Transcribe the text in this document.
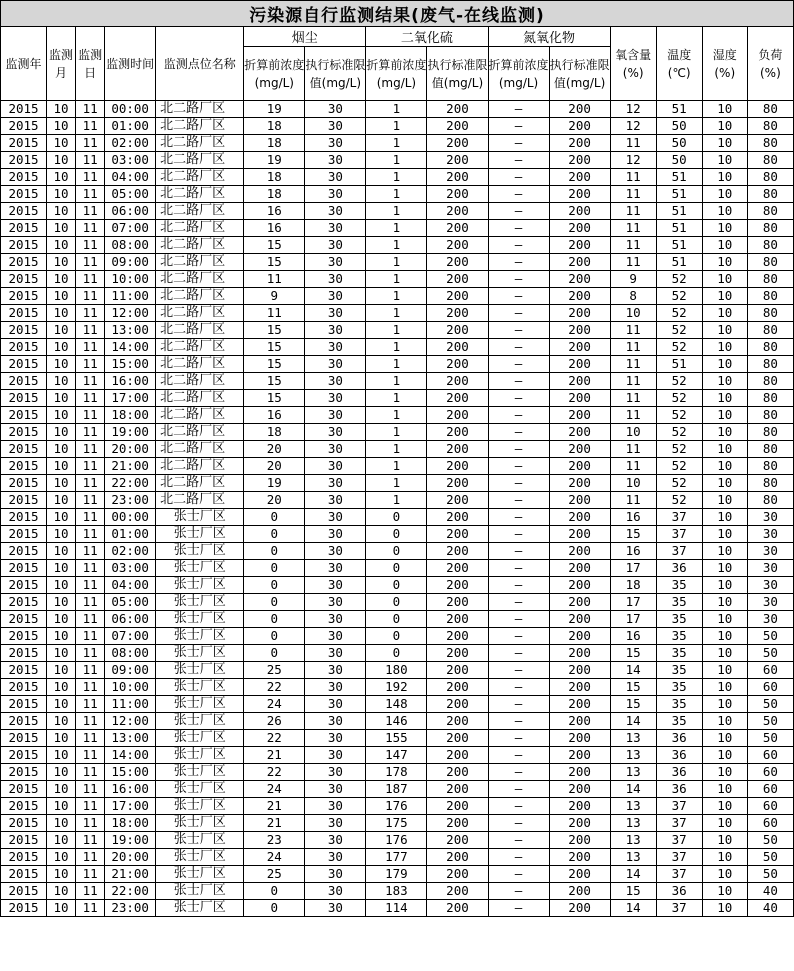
污染源自行监测结果(废气-在线监测)														
监测年	监测月	监测日	监测时间	监测点位名称	烟尘		二氧化硫		氮氧化物		氧含量(%)	温度(℃)	湿度(%)	负荷(%)
					折算前浓度(mg/L)	执行标准限值(mg/L)	折算前浓度(mg/L)	执行标准限值(mg/L)	折算前浓度(mg/L)	执行标准限值(mg/L)				
2015	10	11	00:00	北二路厂区	19	30	1	200	—	200	12	51	10	80
2015	10	11	01:00	北二路厂区	18	30	1	200	—	200	12	50	10	80
2015	10	11	02:00	北二路厂区	18	30	1	200	—	200	11	50	10	80
2015	10	11	03:00	北二路厂区	19	30	1	200	—	200	12	50	10	80
2015	10	11	04:00	北二路厂区	18	30	1	200	—	200	11	51	10	80
2015	10	11	05:00	北二路厂区	18	30	1	200	—	200	11	51	10	80
2015	10	11	06:00	北二路厂区	16	30	1	200	—	200	11	51	10	80
2015	10	11	07:00	北二路厂区	16	30	1	200	—	200	11	51	10	80
2015	10	11	08:00	北二路厂区	15	30	1	200	—	200	11	51	10	80
2015	10	11	09:00	北二路厂区	15	30	1	200	—	200	11	51	10	80
2015	10	11	10:00	北二路厂区	11	30	1	200	—	200	9	52	10	80
2015	10	11	11:00	北二路厂区	9	30	1	200	—	200	8	52	10	80
2015	10	11	12:00	北二路厂区	11	30	1	200	—	200	10	52	10	80
2015	10	11	13:00	北二路厂区	15	30	1	200	—	200	11	52	10	80
2015	10	11	14:00	北二路厂区	15	30	1	200	—	200	11	52	10	80
2015	10	11	15:00	北二路厂区	15	30	1	200	—	200	11	51	10	80
2015	10	11	16:00	北二路厂区	15	30	1	200	—	200	11	52	10	80
2015	10	11	17:00	北二路厂区	15	30	1	200	—	200	11	52	10	80
2015	10	11	18:00	北二路厂区	16	30	1	200	—	200	11	52	10	80
2015	10	11	19:00	北二路厂区	18	30	1	200	—	200	10	52	10	80
2015	10	11	20:00	北二路厂区	20	30	1	200	—	200	11	52	10	80
2015	10	11	21:00	北二路厂区	20	30	1	200	—	200	11	52	10	80
2015	10	11	22:00	北二路厂区	19	30	1	200	—	200	10	52	10	80
2015	10	11	23:00	北二路厂区	20	30	1	200	—	200	11	52	10	80
2015	10	11	00:00	张士厂区	0	30	0	200	—	200	16	37	10	30
2015	10	11	01:00	张士厂区	0	30	0	200	—	200	15	37	10	30
2015	10	11	02:00	张士厂区	0	30	0	200	—	200	16	37	10	30
2015	10	11	03:00	张士厂区	0	30	0	200	—	200	17	36	10	30
2015	10	11	04:00	张士厂区	0	30	0	200	—	200	18	35	10	30
2015	10	11	05:00	张士厂区	0	30	0	200	—	200	17	35	10	30
2015	10	11	06:00	张士厂区	0	30	0	200	—	200	17	35	10	30
2015	10	11	07:00	张士厂区	0	30	0	200	—	200	16	35	10	50
2015	10	11	08:00	张士厂区	0	30	0	200	—	200	15	35	10	50
2015	10	11	09:00	张士厂区	25	30	180	200	—	200	14	35	10	60
2015	10	11	10:00	张士厂区	22	30	192	200	—	200	15	35	10	60
2015	10	11	11:00	张士厂区	24	30	148	200	—	200	15	35	10	50
2015	10	11	12:00	张士厂区	26	30	146	200	—	200	14	35	10	50
2015	10	11	13:00	张士厂区	22	30	155	200	—	200	13	36	10	50
2015	10	11	14:00	张士厂区	21	30	147	200	—	200	13	36	10	60
2015	10	11	15:00	张士厂区	22	30	178	200	—	200	13	36	10	60
2015	10	11	16:00	张士厂区	24	30	187	200	—	200	14	36	10	60
2015	10	11	17:00	张士厂区	21	30	176	200	—	200	13	37	10	60
2015	10	11	18:00	张士厂区	21	30	175	200	—	200	13	37	10	60
2015	10	11	19:00	张士厂区	23	30	176	200	—	200	13	37	10	50
2015	10	11	20:00	张士厂区	24	30	177	200	—	200	13	37	10	50
2015	10	11	21:00	张士厂区	25	30	179	200	—	200	14	37	10	50
2015	10	11	22:00	张士厂区	0	30	183	200	—	200	15	36	10	40
2015	10	11	23:00	张士厂区	0	30	114	200	—	200	14	37	10	40
